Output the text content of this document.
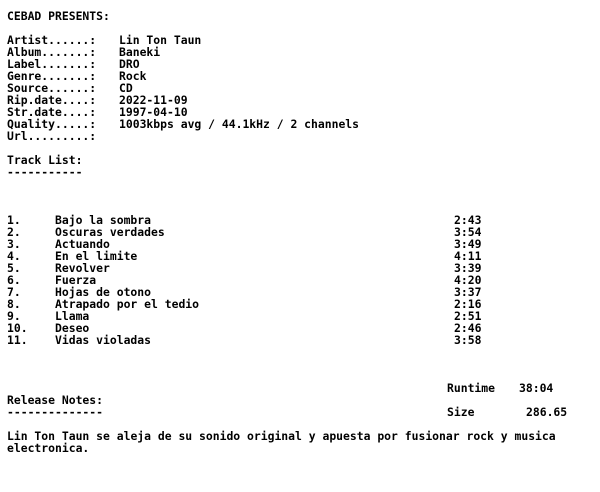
CEBAD PRESENTS:
Artist......: Lin Ton Taun
Album.......: Baneki
Label.......: DRO
Genre.......: Rock
Source......: CD
Rip.date....: 2022-11-09
Str.date....: 1997-04-10
Quality.....: 1003kbps avg / 44.1kHz / 2 channels
Url.........:
Track List:
-----------
1.	Bajo la sombra	2:43
2.	Oscuras verdades	3:54
3.	Actuando	3:49
4.	En el limite	4:11
5.	Revolver	3:39
6.	Fuerza	4:20
7.	Hojas de otono	3:37
8.	Atrapado por el tedio	2:16
9.	Llama	2:51
10. Deseo	2:46
11. Vidas violadas	3:58
Runtime 38:04

Size	286.65

Release Notes:

--------------
Lin Ton Taun se aleja de su sonido original y apuesta por fusionar rock y musica electronica.
